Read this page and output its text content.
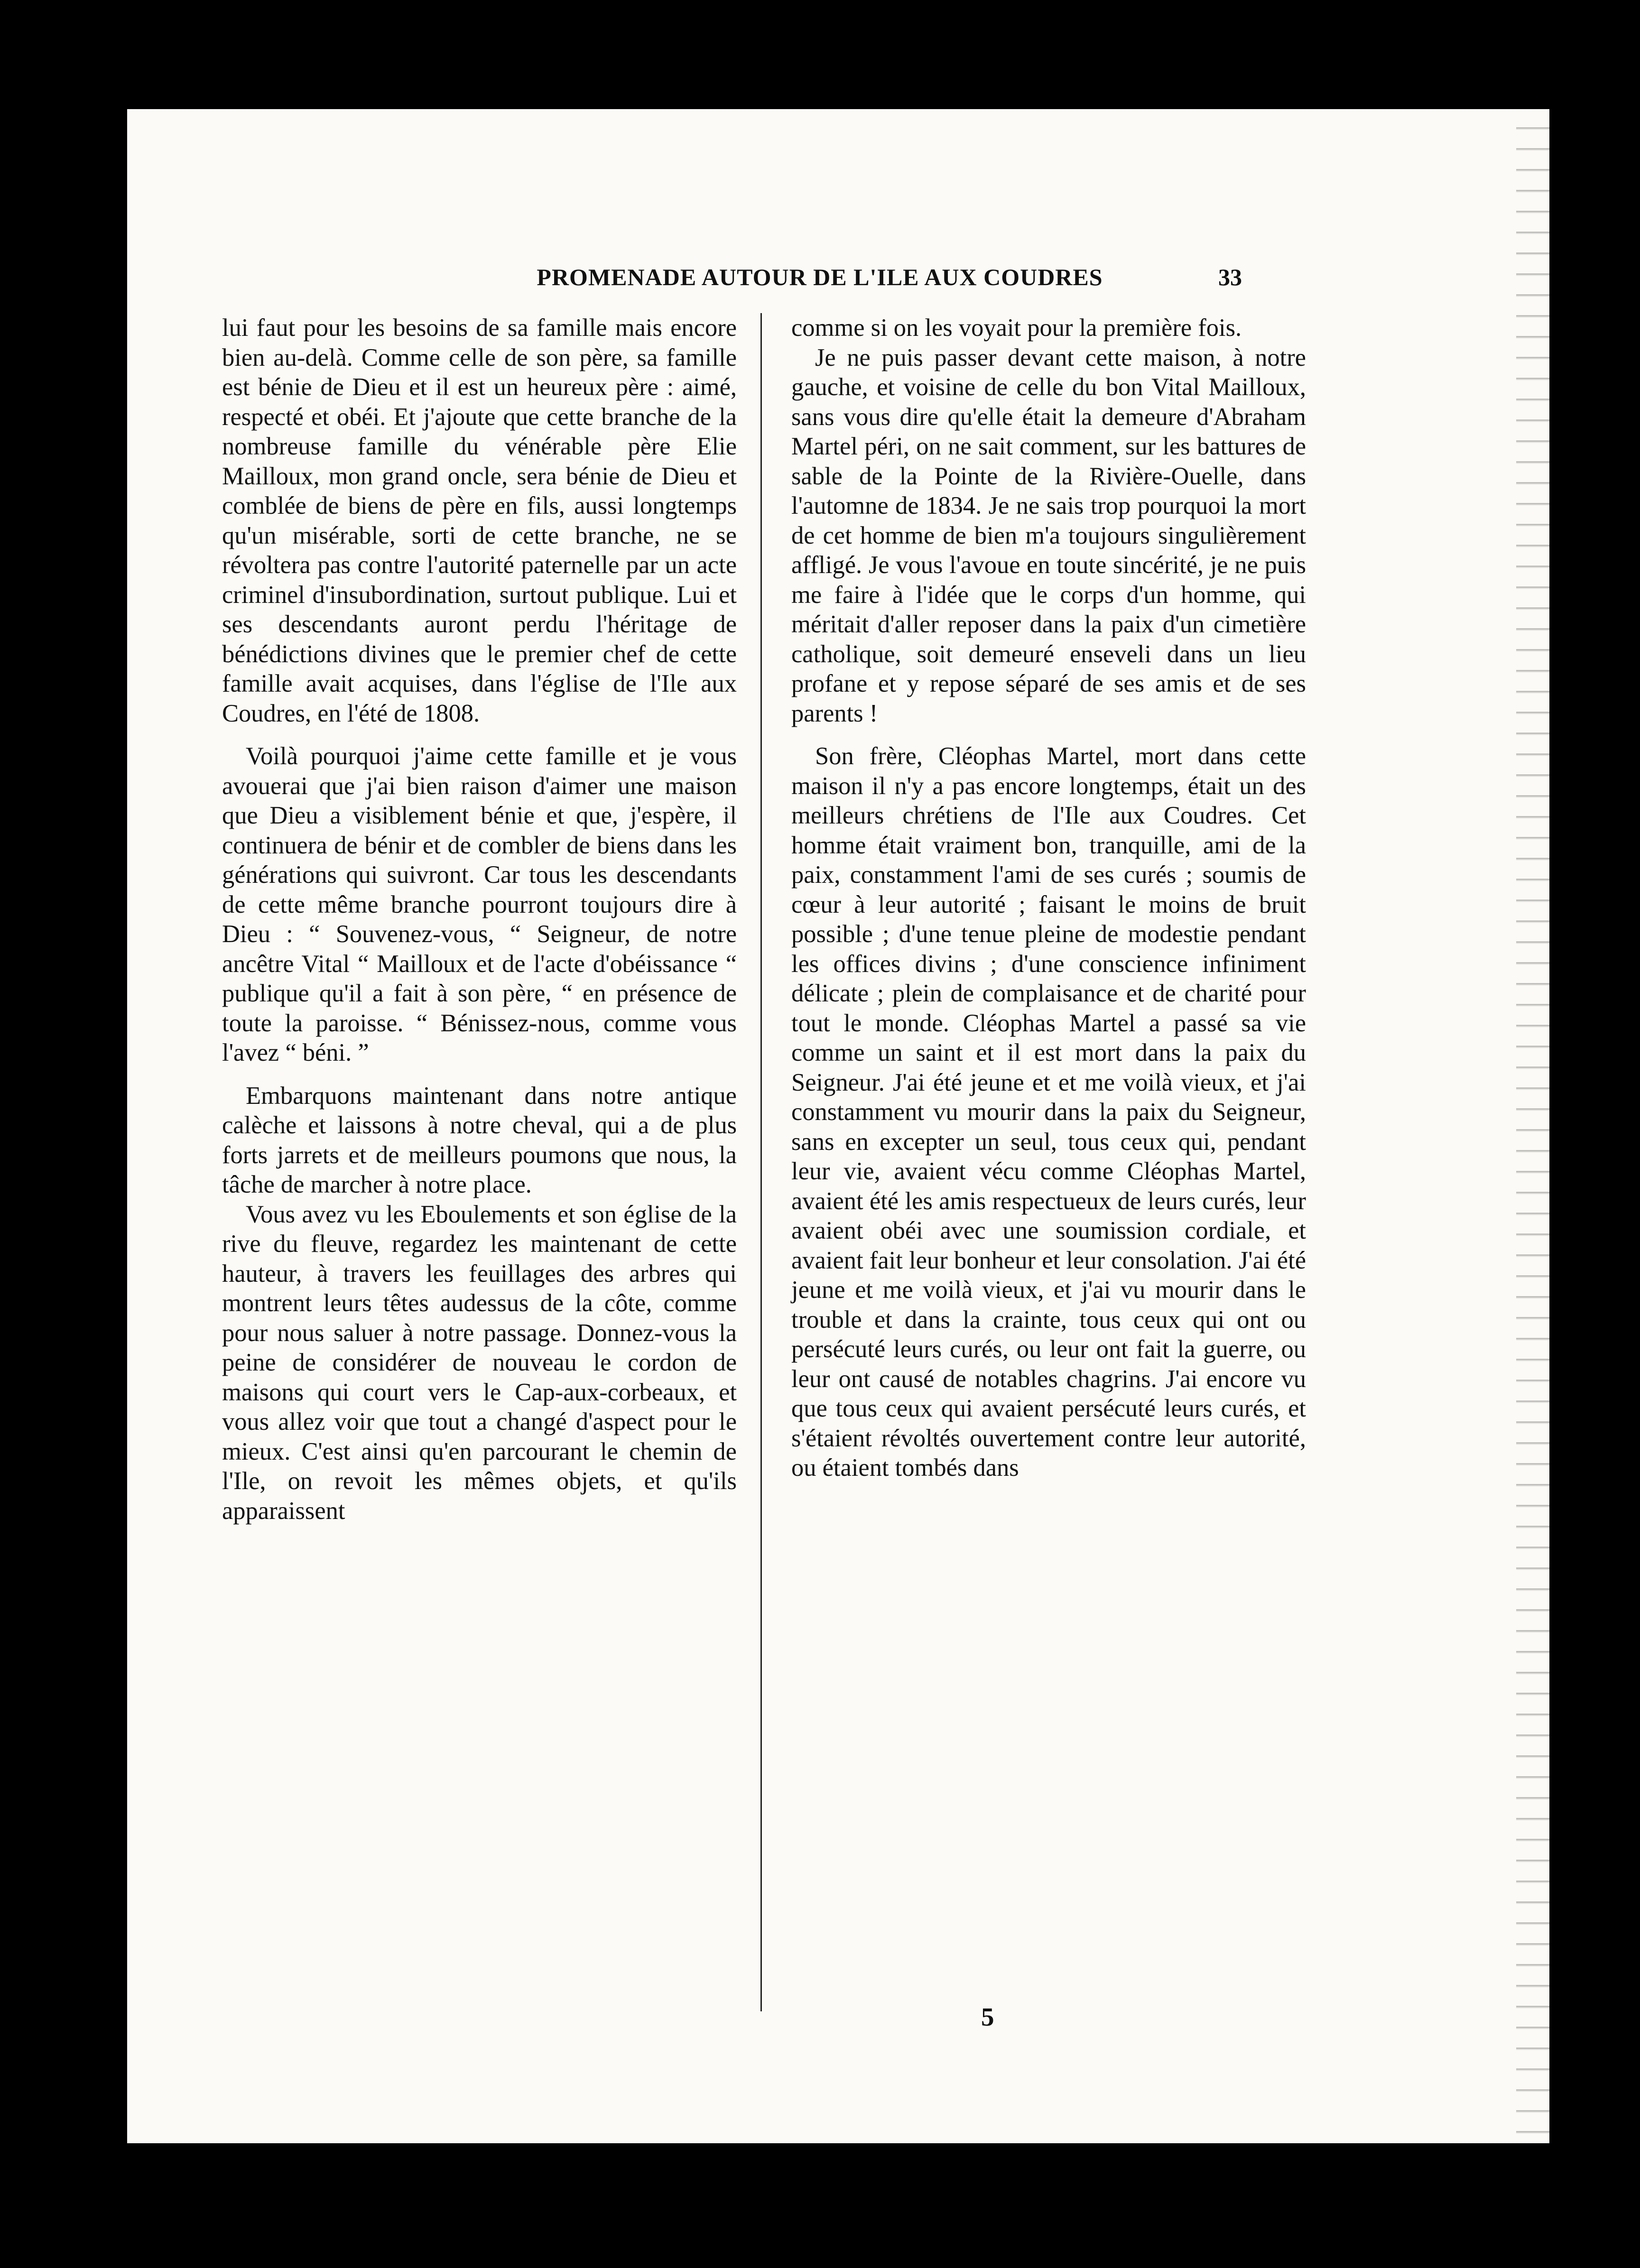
PROMENADE AUTOUR DE L'ILE AUX COUDRES	33

lui faut pour les besoins de sa famille mais encore bien au-delà. Comme celle de son père, sa famille est bénie de Dieu et il est un heureux père : aimé, respecté et obéi. Et j'ajoute que cette branche de la nombreuse famille du vénérable père Elie Mailloux, mon grand oncle, sera bénie de Dieu et comblée de biens de père en fils, aussi longtemps qu'un misérable, sorti de cette branche, ne se révoltera pas contre l'autorité paternelle par un acte criminel d'insubordination, surtout publique. Lui et ses descendants auront perdu l'héritage de bénédictions divines que le premier chef de cette famille avait acquises, dans l'église de l'Ile aux Coudres, en l'été de 1808.

Voilà pourquoi j'aime cette famille et je vous avouerai que j'ai bien raison d'aimer une maison que Dieu a visiblement bénie et que, j'espère, il continuera de bénir et de combler de biens dans les générations qui suivront. Car tous les descendants de cette même branche pourront toujours dire à Dieu : “ Souvenez-vous, “ Seigneur, de notre ancêtre Vital “ Mailloux et de l'acte d'obéissance “ publique qu'il a fait à son père, “ en présence de toute la paroisse. “ Bénissez-nous, comme vous l'avez “ béni. ”

Embarquons maintenant dans notre antique calèche et laissons à notre cheval, qui a de plus forts jarrets et de meilleurs poumons que nous, la tâche de marcher à notre place.

Vous avez vu les Eboulements et son église de la rive du fleuve, regardez les maintenant de cette hauteur, à travers les feuillages des arbres qui montrent leurs têtes audessus de la côte, comme pour nous saluer à notre passage. Donnez-vous la peine de considérer de nouveau le cordon de maisons qui court vers le Cap-aux-corbeaux, et vous allez voir que tout a changé d'aspect pour le mieux. C'est ainsi qu'en parcourant le chemin de l'Ile, on revoit les mêmes objets, et qu'ils apparaissent

comme si on les voyait pour la première fois.

Je ne puis passer devant cette maison, à notre gauche, et voisine de celle du bon Vital Mailloux, sans vous dire qu'elle était la demeure d'Abraham Martel péri, on ne sait comment, sur les battures de sable de la Pointe de la Rivière-Ouelle, dans l'automne de 1834. Je ne sais trop pourquoi la mort de cet homme de bien m'a toujours singulièrement affligé. Je vous l'avoue en toute sincérité, je ne puis me faire à l'idée que le corps d'un homme, qui méritait d'aller reposer dans la paix d'un cimetière catholique, soit demeuré enseveli dans un lieu profane et y repose séparé de ses amis et de ses parents !

Son frère, Cléophas Martel, mort dans cette maison il n'y a pas encore longtemps, était un des meilleurs chrétiens de l'Ile aux Coudres. Cet homme était vraiment bon, tranquille, ami de la paix, constamment l'ami de ses curés ; soumis de cœur à leur autorité ; faisant le moins de bruit possible ; d'une tenue pleine de modestie pendant les offices divins ; d'une conscience infiniment délicate ; plein de complaisance et de charité pour tout le monde. Cléophas Martel a passé sa vie comme un saint et il est mort dans la paix du Seigneur. J'ai été jeune et et me voilà vieux, et j'ai constamment vu mourir dans la paix du Seigneur, sans en excepter un seul, tous ceux qui, pendant leur vie, avaient vécu comme Cléophas Martel, avaient été les amis respectueux de leurs curés, leur avaient obéi avec une soumission cordiale, et avaient fait leur bonheur et leur consolation. J'ai été jeune et me voilà vieux, et j'ai vu mourir dans le trouble et dans la crainte, tous ceux qui ont ou persécuté leurs curés, ou leur ont fait la guerre, ou leur ont causé de notables chagrins. J'ai encore vu que tous ceux qui avaient persécuté leurs curés, et s'étaient révoltés ouvertement contre leur autorité, ou étaient tombés dans

5
